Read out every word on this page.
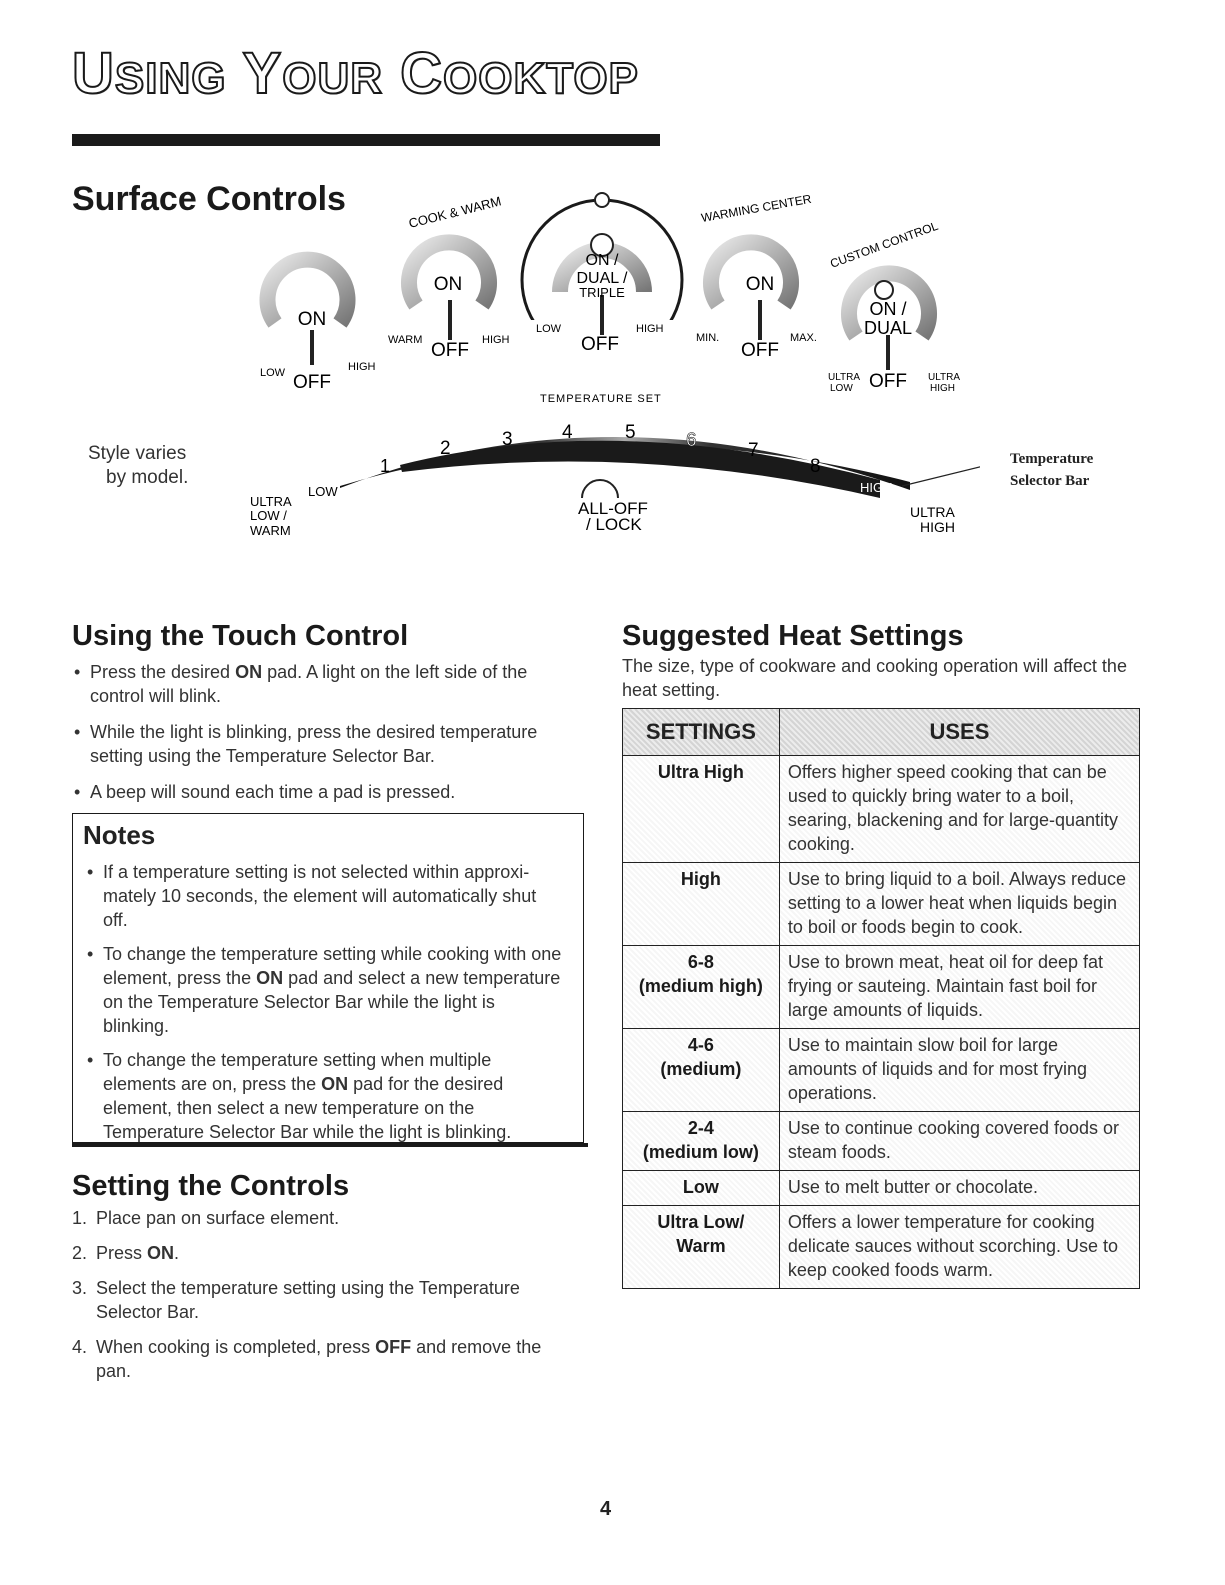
USING YOUR COOKTOP
Surface Controls
Style varies
by model.
Temperature
Selector Bar
ON
OFF
LOW	HIGH
ON
OFF
WARM	HIGH
COOK & WARM
ON /
DUAL /
TRIPLE
OFF
LOW	HIGH
ON
OFF
MIN.	MAX.
WARMING CENTER
ON /
DUAL
OFF
ULTRA
LOW
ULTRA
HIGH
CUSTOM CONTROL
TEMPERATURE SET
1
2	3	4	5	6	7
8
LOW	HIGH
ULTRA
LOW /
WARM
ULTRA
HIGH
ALL-OFF
/ LOCK
Using the Touch Control
• Press the desired ON pad. A light on the left side of the control will blink.
• While the light is blinking, press the desired temperature setting using the Temperature Selector Bar.
• A beep will sound each time a pad is pressed.
Notes
• If a temperature setting is not selected within approxi-mately 10 seconds, the element will automatically shut off.
• To change the temperature setting while cooking with one element, press the ON pad and select a new temperature on the Temperature Selector Bar while the light is blinking.
• To change the temperature setting when multiple elements are on, press the ON pad for the desired element, then select a new temperature on the Temperature Selector Bar while the light is blinking.
Setting the Controls
1. Place pan on surface element.
2. Press ON.
3. Select the temperature setting using the Temperature Selector Bar.
4. When cooking is completed, press OFF and remove the pan.
Suggested Heat Settings
The size, type of cookware and cooking operation will affect the heat setting.
SETTINGS	USES

Ultra High	Offers higher speed cooking that can be used to quickly bring water to a boil, searing, blackening and for large-quantity cooking.

High	Use to bring liquid to a boil. Always reduce setting to a lower heat when liquids begin to boil or foods begin to cook.

6-8
(medium high)	Use to brown meat, heat oil for deep fat frying or sauteing. Maintain fast boil for large amounts of liquids.

4-6
(medium)	Use to maintain slow boil for large amounts of liquids and for most frying operations.

2-4
(medium low)	Use to continue cooking covered foods or steam foods.

Low	Use to melt butter or chocolate.

Ultra Low/
Warm	Offers a lower temperature for cooking delicate sauces without scorching. Use to keep cooked foods warm.
4
